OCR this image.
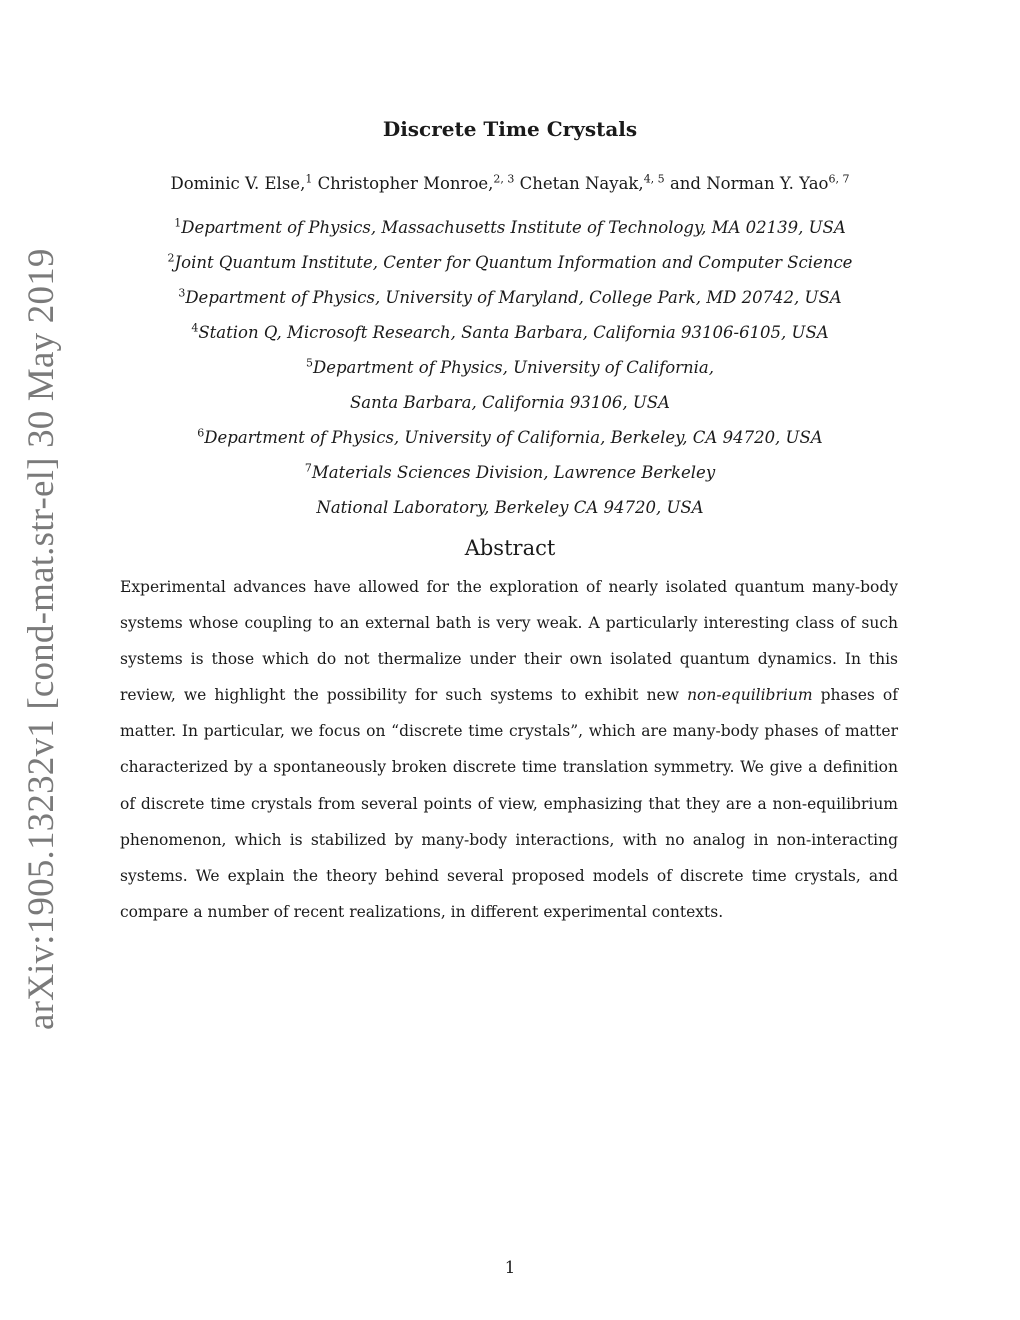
arXiv:1905.13232v1 [cond-mat.str-el] 30 May 2019
Discrete Time Crystals
Dominic V. Else,$^1$ Christopher Monroe,$^{2, 3}$ Chetan Nayak,$^{4, 5}$ and Norman Y. Yao$^{6, 7}$
$^1$Department of Physics, Massachusetts Institute of Technology, MA 02139, USA
$^2$Joint Quantum Institute, Center for Quantum Information and Computer Science
$^3$Department of Physics, University of Maryland, College Park, MD 20742, USA
$^4$Station Q, Microsoft Research, Santa Barbara, California 93106-6105, USA
$^5$Department of Physics, University of California,
Santa Barbara, California 93106, USA
$^6$Department of Physics, University of California, Berkeley, CA 94720, USA
$^7$Materials Sciences Division, Lawrence Berkeley
National Laboratory, Berkeley CA 94720, USA
Abstract
Experimental advances have allowed for the exploration of nearly isolated quantum many-body
systems whose coupling to an external bath is very weak. A particularly interesting class of such
systems is those which do not thermalize under their own isolated quantum dynamics. In this
review, we highlight the possibility for such systems to exhibit new non-equilibrium phases of
matter. In particular, we focus on “discrete time crystals”, which are many-body phases of matter
characterized by a spontaneously broken discrete time translation symmetry. We give a definition
of discrete time crystals from several points of view, emphasizing that they are a non-equilibrium
phenomenon, which is stabilized by many-body interactions, with no analog in non-interacting
systems. We explain the theory behind several proposed models of discrete time crystals, and
compare a number of recent realizations, in different experimental contexts.
1
